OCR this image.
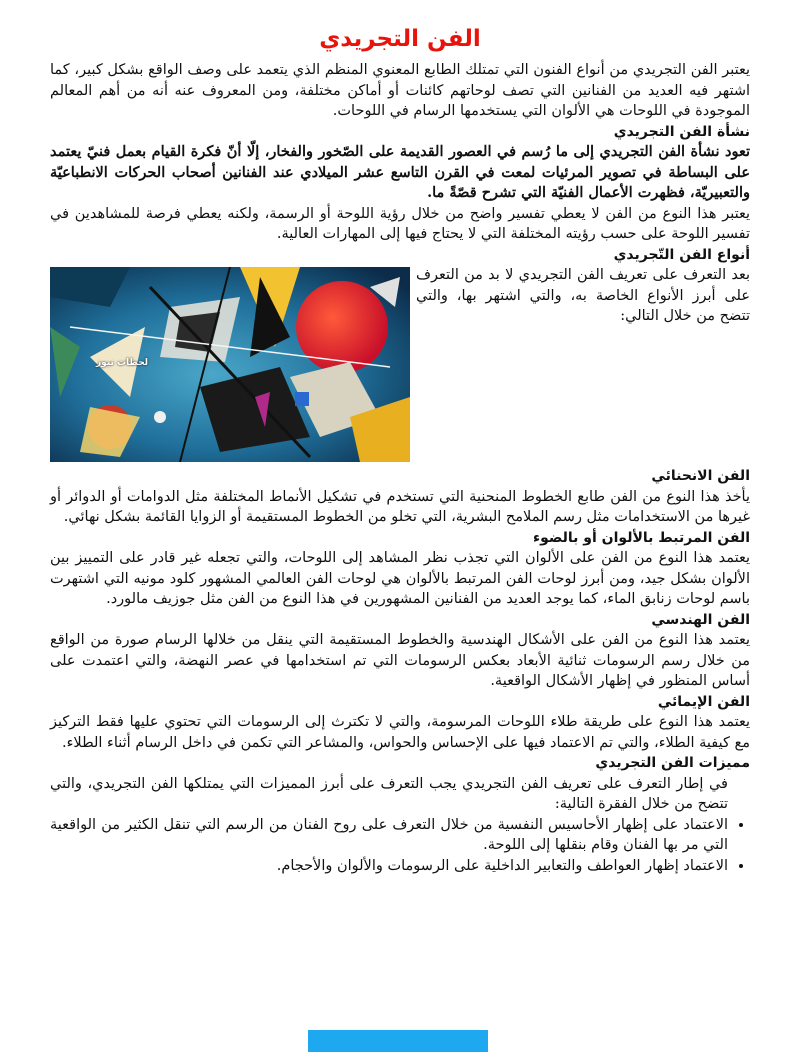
الفن التجريدي

يعتبر الفن التجريدي من أنواع الفنون التي تمتلك الطابع المعنوي المنظم الذي يتعمد على وصف الواقع بشكل كبير، كما اشتهر فيه العديد من الفنانين التي تصف لوحاتهم كائنات أو أماكن مختلفة، ومن المعروف عنه أنه من أهم المعالم الموجودة في اللوحات هي الألوان التي يستخدمها الرسام في اللوحات.

نشأة الفن التجريدي

تعود نشأة الفن التجريدي إلى ما رُسم في العصور القديمة على الصّخور والفخار، إلّا أنّ فكرة القيام بعمل فنيّ يعتمد على البساطة في تصوير المرئيات لمعت في القرن التاسع عشر الميلادي عند الفنانين أصحاب الحركات الانطباعيّة والتعبيريّة، فظهرت الأعمال الفنيّة التي تشرح قصّةً ما.

يعتبر هذا النوع من الفن لا يعطي تفسير واضح من خلال رؤية اللوحة أو الرسمة، ولكنه يعطي فرصة للمشاهدين في تفسير اللوحة على حسب رؤيته المختلفة التي لا يحتاج فيها إلى المهارات العالية.

أنواع الفن التّجريدي
لحظات نيوز

بعد التعرف على تعريف الفن التجريدي لا بد من التعرف على أبرز الأنواع الخاصة به، والتي اشتهر بها، والتي تتضح من خلال التالي:

الفن الانحنائي

يأخذ هذا النوع من الفن طابع الخطوط المنحنية التي تستخدم في تشكيل الأنماط المختلفة مثل الدوامات أو الدوائر أو غيرها من الاستخدامات مثل رسم الملامح البشرية، التي تخلو من الخطوط المستقيمة أو الزوايا القائمة بشكل نهائي.

الفن المرتبط بالألوان أو بالضوء

يعتمد هذا النوع من الفن على الألوان التي تجذب نظر المشاهد إلى اللوحات، والتي تجعله غير قادر على التمييز بين الألوان بشكل جيد، ومن أبرز لوحات الفن المرتبط بالألوان هي لوحات الفن العالمي المشهور كلود مونيه التي اشتهرت باسم لوحات زنابق الماء، كما يوجد العديد من الفنانين المشهورين في هذا النوع من الفن مثل جوزيف مالورد.

الفن الهندسي

يعتمد هذا النوع من الفن على الأشكال الهندسية والخطوط المستقيمة التي ينقل من خلالها الرسام صورة من الواقع من خلال رسم الرسومات ثنائية الأبعاد بعكس الرسومات التي تم استخدامها في عصر النهضة، والتي اعتمدت على أساس المنظور في إظهار الأشكال الواقعية.

الفن الإيمائي

يعتمد هذا النوع على طريقة طلاء اللوحات المرسومة، والتي لا تكترث إلى الرسومات التي تحتوي عليها فقط التركيز مع كيفية الطلاء، والتي تم الاعتماد فيها على الإحساس والحواس، والمشاعر التي تكمن في داخل الرسام أثناء الطلاء.

مميزات الفن التجريدي

في إطار التعرف على تعريف الفن التجريدي يجب التعرف على أبرز المميزات التي يمتلكها الفن التجريدي، والتي تتضح من خلال الفقرة التالية:

• الاعتماد على إظهار الأحاسيس النفسية من خلال التعرف على روح الفنان من الرسم التي تنقل الكثير من الواقعية التي مر بها الفنان وقام بنقلها إلى اللوحة.
• الاعتماد إظهار العواطف والتعابير الداخلية على الرسومات والألوان والأحجام.
